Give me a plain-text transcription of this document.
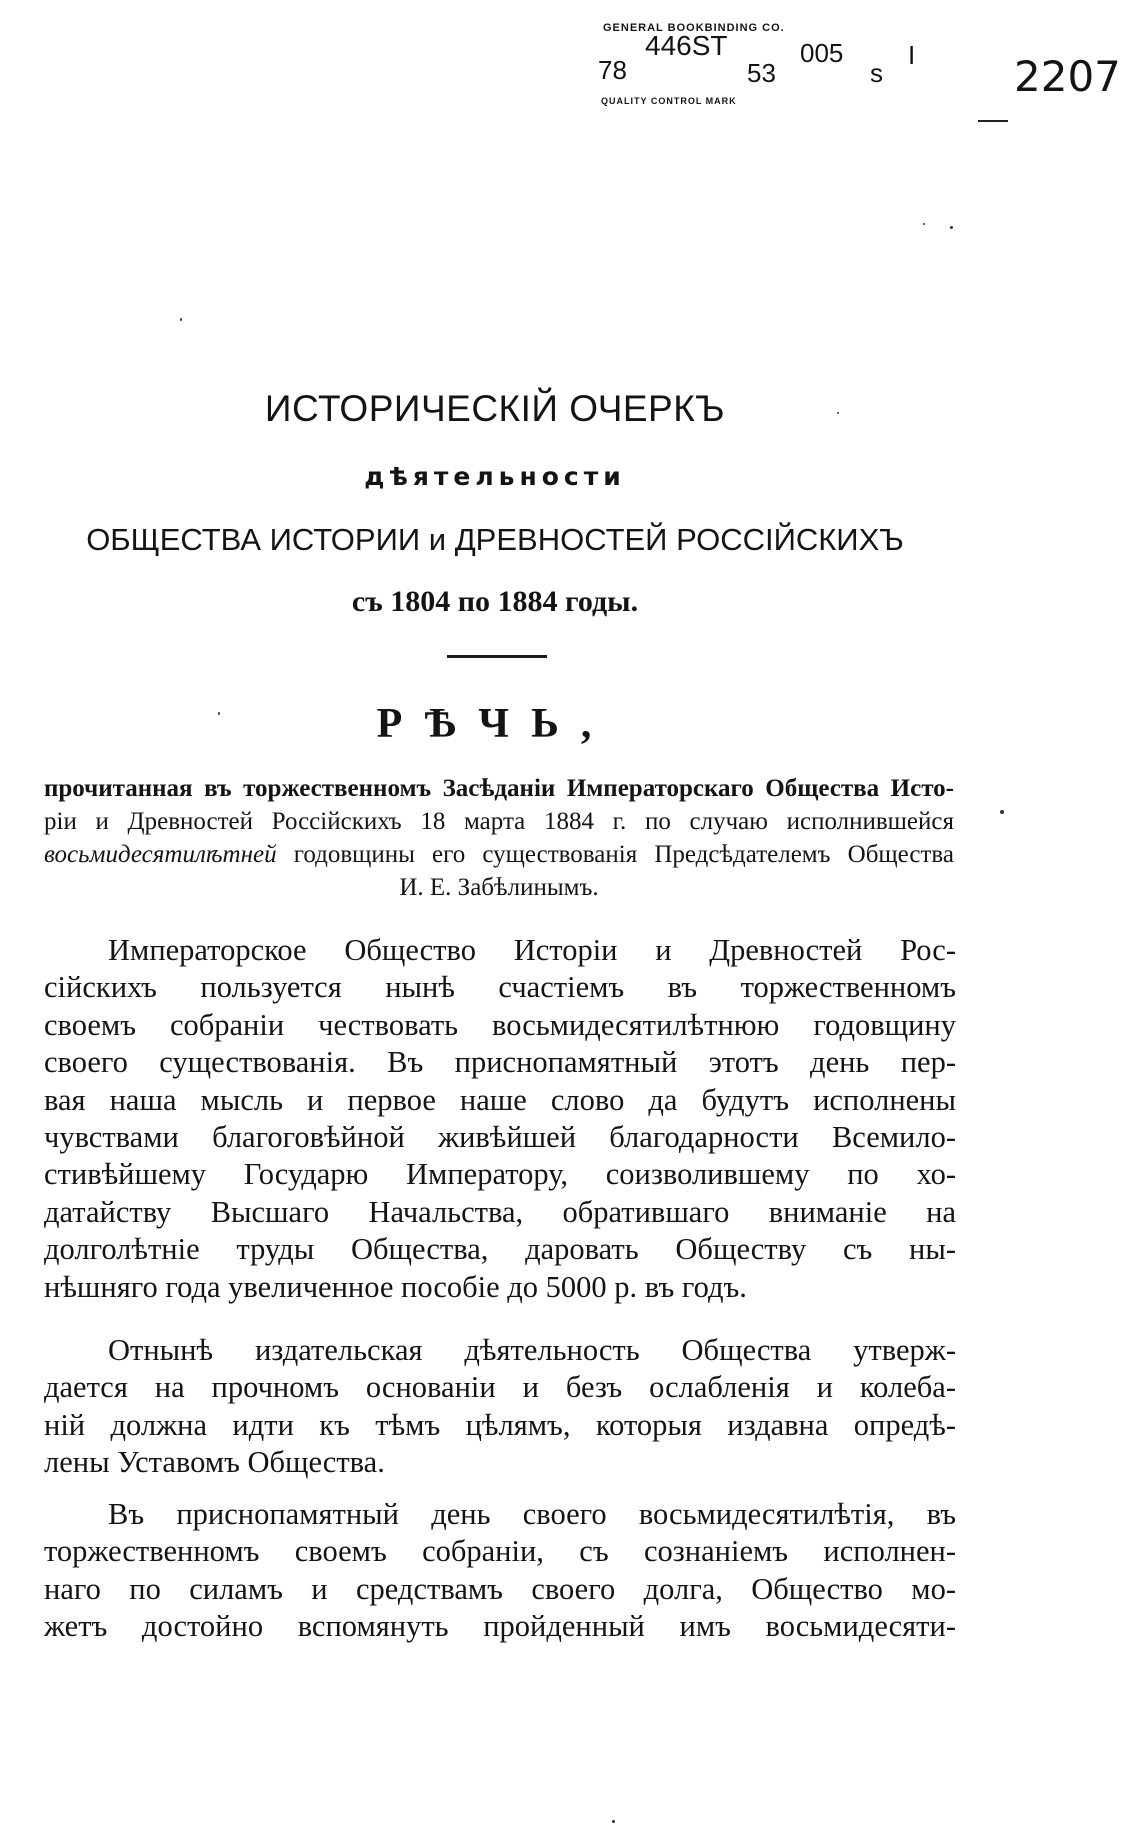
GENERAL BOOKBINDING CO.
446ST
78	53
005
s
I
QUALITY CONTROL MARK	2207
ИСТОРИЧЕСКIЙ ОЧЕРКЪ
дѣятельности
ОБЩЕСТВА ИСТОРИИ и ДРЕВНОСТЕЙ РОССIЙСКИХЪ
съ 1804 по 1884 годы.
РѢЧЬ,
прочитанная въ торжественномъ Засѣданiи Императорскаго Общества Исто-
рiи и Древностей Россiйскихъ 18 марта 1884 г. по случаю исполнившейся
восьмидесятилѣтней годовщины его существованiя Предсѣдателемъ Общества
И. Е. Забѣлинымъ.
Императорское Общество Исторiи и Древностей Рос-
сiйскихъ пользуется нынѣ счастiемъ въ торжественномъ
своемъ собранiи чествовать восьмидесятилѣтнюю годовщину
своего существованiя. Въ приснопамятный этотъ день пер-
вая наша мысль и первое наше слово да будутъ исполнены
чувствами благоговѣйной живѣйшей благодарности Всемило-
стивѣйшему Государю Императору, соизволившему по хо-
датайству Высшаго Начальства, обратившаго вниманiе на
долголѣтнiе труды Общества, даровать Обществу съ ны-
нѣшняго года увеличенное пособiе до 5000 р. въ годъ.
Отнынѣ издательская дѣятельность Общества утверж-
дается на прочномъ основанiи и безъ ослабленiя и колеба-
нiй должна идти къ тѣмъ цѣлямъ, которыя издавна опредѣ-
лены Уставомъ Общества.
Въ приснопамятный день своего восьмидесятилѣтiя, въ
торжественномъ своемъ собранiи, съ сознанiемъ исполнен-
наго по силамъ и средствамъ своего долга, Общество мо-
жетъ достойно вспомянуть пройденный имъ восьмидесяти-
